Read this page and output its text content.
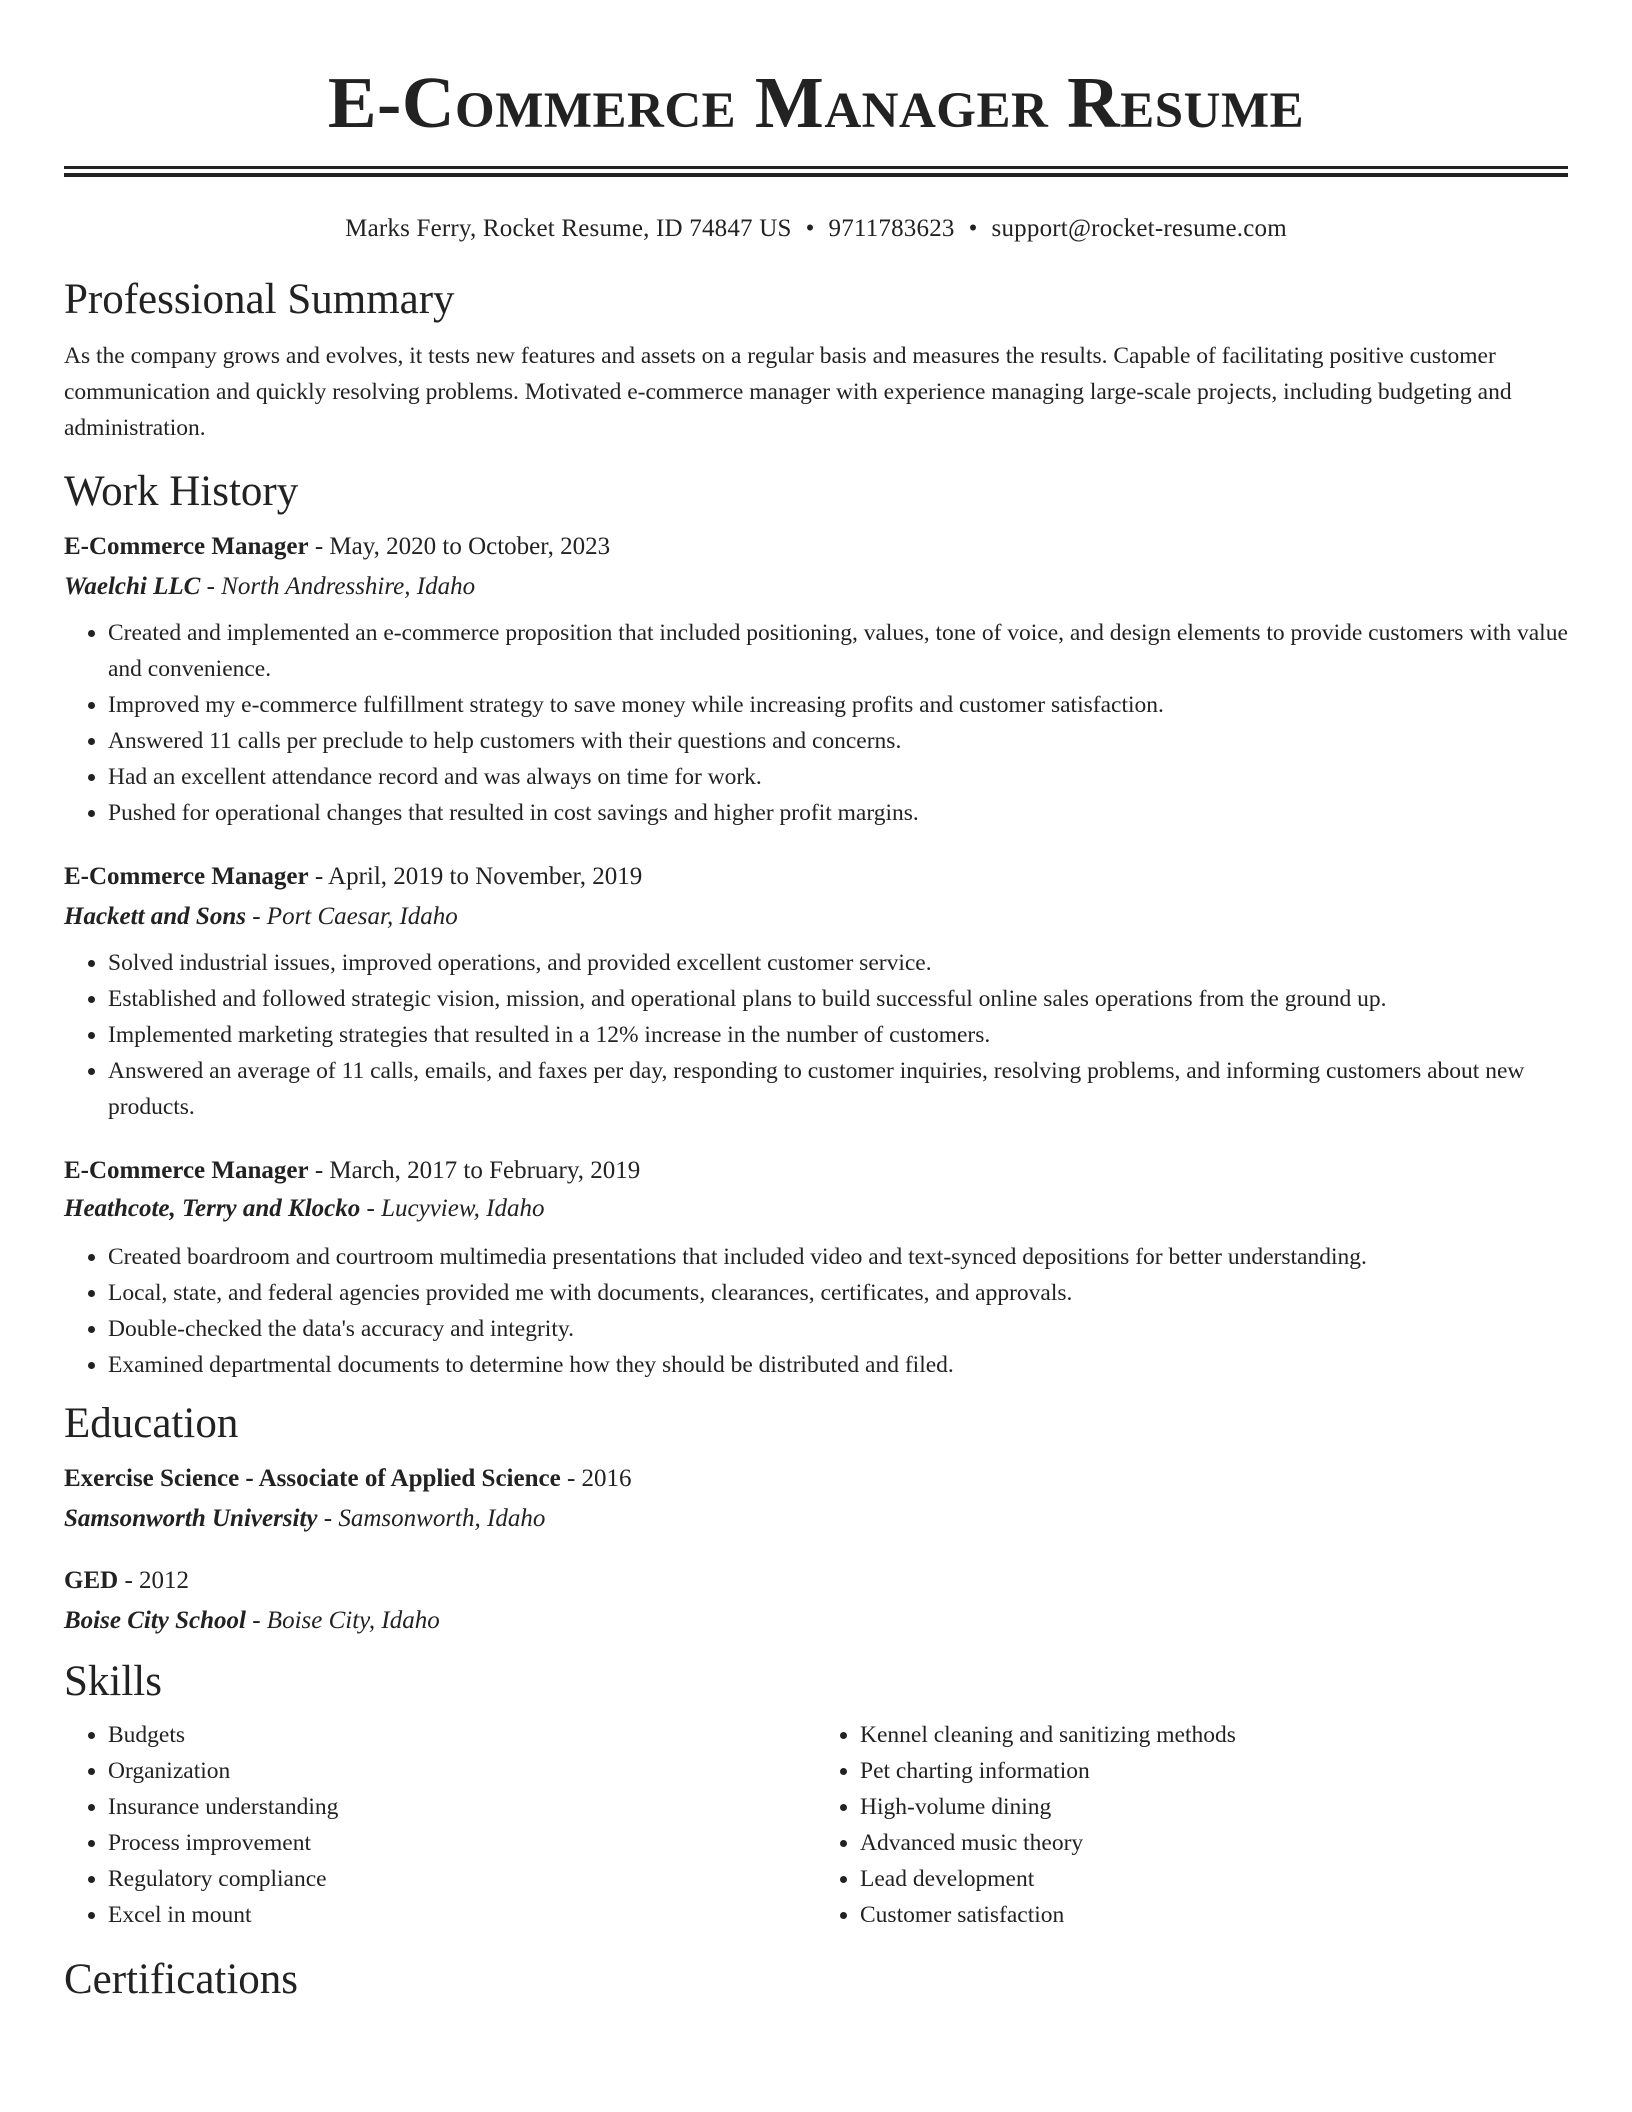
E-Commerce Manager Resume
Marks Ferry, Rocket Resume, ID 74847 US • 9711783623 • support@rocket-resume.com
Professional Summary

As the company grows and evolves, it tests new features and assets on a regular basis and measures the results. Capable of facilitating positive customer communication and quickly resolving problems. Motivated e-commerce manager with experience managing large-scale projects, including budgeting and administration.

Work History
E-Commerce Manager - May, 2020 to October, 2023
Waelchi LLC - North Andresshire, Idaho
• Created and implemented an e-commerce proposition that included positioning, values, tone of voice, and design elements to provide customers with value and convenience.
• Improved my e-commerce fulfillment strategy to save money while increasing profits and customer satisfaction.
• Answered 11 calls per preclude to help customers with their questions and concerns.
• Had an excellent attendance record and was always on time for work.
• Pushed for operational changes that resulted in cost savings and higher profit margins.
E-Commerce Manager - April, 2019 to November, 2019
Hackett and Sons - Port Caesar, Idaho
• Solved industrial issues, improved operations, and provided excellent customer service.
• Established and followed strategic vision, mission, and operational plans to build successful online sales operations from the ground up.
• Implemented marketing strategies that resulted in a 12% increase in the number of customers.
• Answered an average of 11 calls, emails, and faxes per day, responding to customer inquiries, resolving problems, and informing customers about new products.
E-Commerce Manager - March, 2017 to February, 2019
Heathcote, Terry and Klocko - Lucyview, Idaho
• Created boardroom and courtroom multimedia presentations that included video and text-synced depositions for better understanding.
• Local, state, and federal agencies provided me with documents, clearances, certificates, and approvals.
• Double-checked the data's accuracy and integrity.
• Examined departmental documents to determine how they should be distributed and filed.
Education
Exercise Science - Associate of Applied Science - 2016
Samsonworth University - Samsonworth, Idaho
GED - 2012
Boise City School - Boise City, Idaho
Skills
• Budgets
• Organization
• Insurance understanding
• Process improvement
• Regulatory compliance
• Excel in mount
• Kennel cleaning and sanitizing methods
• Pet charting information
• High-volume dining
• Advanced music theory
• Lead development
• Customer satisfaction
Certifications
